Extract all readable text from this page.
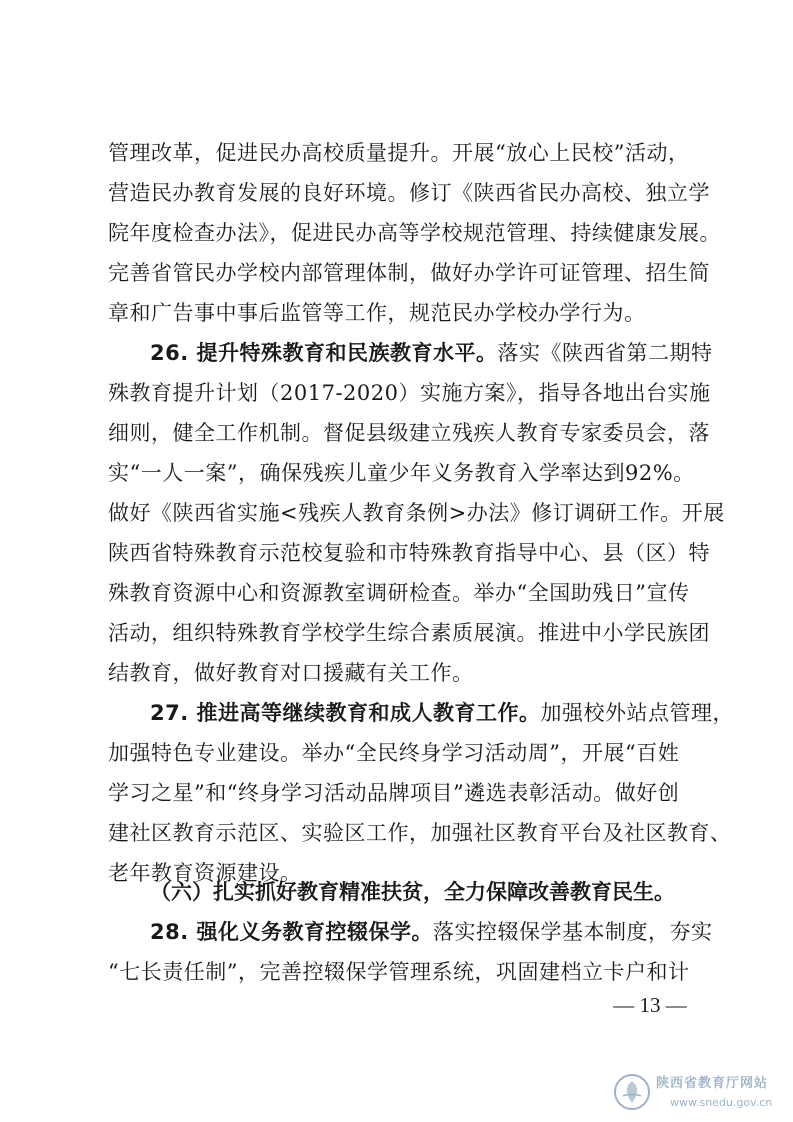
管理改革，促进民办高校质量提升。开展“放心上民校”活动，
营造民办教育发展的良好环境。修订《陕西省民办高校、独立学
院年度检查办法》，促进民办高等学校规范管理、持续健康发展。
完善省管民办学校内部管理体制，做好办学许可证管理、招生简
章和广告事中事后监管等工作，规范民办学校办学行为。
26. 提升特殊教育和民族教育水平。落实《陕西省第二期特
殊教育提升计划（2017-2020）实施方案》，指导各地出台实施
细则，健全工作机制。督促县级建立残疾人教育专家委员会，落
实“一人一案”，确保残疾儿童少年义务教育入学率达到92%。
做好《陕西省实施<残疾人教育条例>办法》修订调研工作。开展
陕西省特殊教育示范校复验和市特殊教育指导中心、县（区）特
殊教育资源中心和资源教室调研检查。举办“全国助残日”宣传
活动，组织特殊教育学校学生综合素质展演。推进中小学民族团
结教育，做好教育对口援藏有关工作。
27. 推进高等继续教育和成人教育工作。加强校外站点管理，
加强特色专业建设。举办“全民终身学习活动周”，开展“百姓
学习之星”和“终身学习活动品牌项目”遴选表彰活动。做好创
建社区教育示范区、实验区工作，加强社区教育平台及社区教育、
老年教育资源建设。
（六）扎实抓好教育精准扶贫，全力保障改善教育民生。
28. 强化义务教育控辍保学。落实控辍保学基本制度，夯实
“七长责任制”，完善控辍保学管理系统，巩固建档立卡户和计
— 13 —
陕西省教育厅网站
www.snedu.gov.cn
